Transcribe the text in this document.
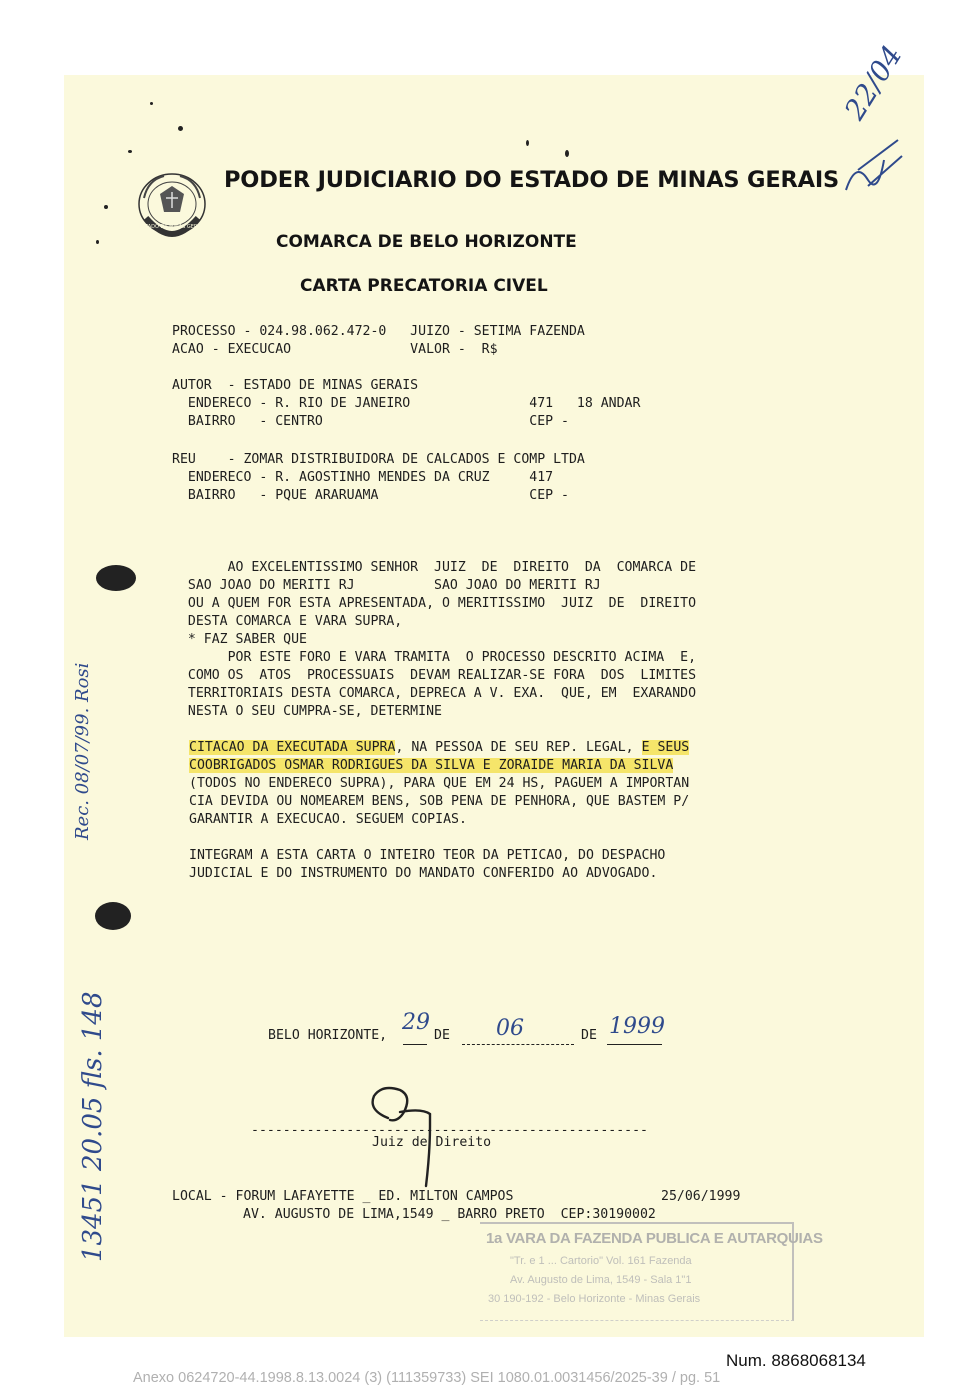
ESTADO DE MINAS GERAIS
PODER JUDICIARIO DO ESTADO DE MINAS GERAIS
COMARCA DE BELO HORIZONTE
CARTA PRECATORIA CIVEL
PROCESSO - 024.98.062.472-0   JUIZO - SETIMA FAZENDA
ACAO - EXECUCAO               VALOR -  R$
AUTOR  - ESTADO DE MINAS GERAIS
ENDERECO - R. RIO DE JANEIRO               471   18 ANDAR
BAIRRO   - CENTRO                          CEP -
REU    - ZOMAR DISTRIBUIDORA DE CALCADOS E COMP LTDA
ENDERECO - R. AGOSTINHO MENDES DA CRUZ     417
BAIRRO   - PQUE ARARUAMA                   CEP -
AO EXCELENTISSIMO SENHOR  JUIZ  DE  DIREITO  DA  COMARCA DE
SAO JOAO DO MERITI RJ          SAO JOAO DO MERITI RJ
OU A QUEM FOR ESTA APRESENTADA, O MERITISSIMO  JUIZ  DE  DIREITO
DESTA COMARCA E VARA SUPRA,
* FAZ SABER QUE
POR ESTE FORO E VARA TRAMITA  O PROCESSO DESCRITO ACIMA  E,
COMO OS  ATOS  PROCESSUAIS  DEVAM REALIZAR-SE FORA  DOS  LIMITES
TERRITORIAIS DESTA COMARCA, DEPRECA A V. EXA.  QUE, EM  EXARANDO
NESTA O SEU CUMPRA-SE, DETERMINE
CITACAO DA EXECUTADA SUPRA, NA PESSOA DE SEU REP. LEGAL, E SEUS
COOBRIGADOS OSMAR RODRIGUES DA SILVA E ZORAIDE MARIA DA SILVA
(TODOS NO ENDERECO SUPRA), PARA QUE EM 24 HS, PAGUEM A IMPORTAN
CIA DEVIDA OU NOMEAREM BENS, SOB PENA DE PENHORA, QUE BASTEM P/
GARANTIR A EXECUCAO. SEGUEM COPIAS.
INTEGRAM A ESTA CARTA O INTEIRO TEOR DA PETICAO, DO DESPACHO
JUDICIAL E DO INSTRUMENTO DO MANDATO CONFERIDO AO ADVOGADO.
BELO HORIZONTE,
29
DE 06	DE 1999
--------------------------------------------------
Juiz de Direito
LOCAL - FORUM LAFAYETTE _ ED. MILTON CAMPOS	25/06/1999
AV. AUGUSTO DE LIMA,1549 _ BARRO PRETO  CEP:30190002
1a VARA DA FAZENDA PUBLICA E AUTARQUIAS
"Tr. e 1 ... Cartorio" Vol. 161 Fazenda
Av. Augusto de Lima, 1549 - Sala 1"1
30 190-192 - Belo Horizonte - Minas Gerais
22/04
Rec. 08/07/99. Rosi
13451 20.05 fls. 148
Num. 8868068134
Anexo 0624720-44.1998.8.13.0024 (3) (111359733) SEI 1080.01.0031456/2025-39 / pg. 51
